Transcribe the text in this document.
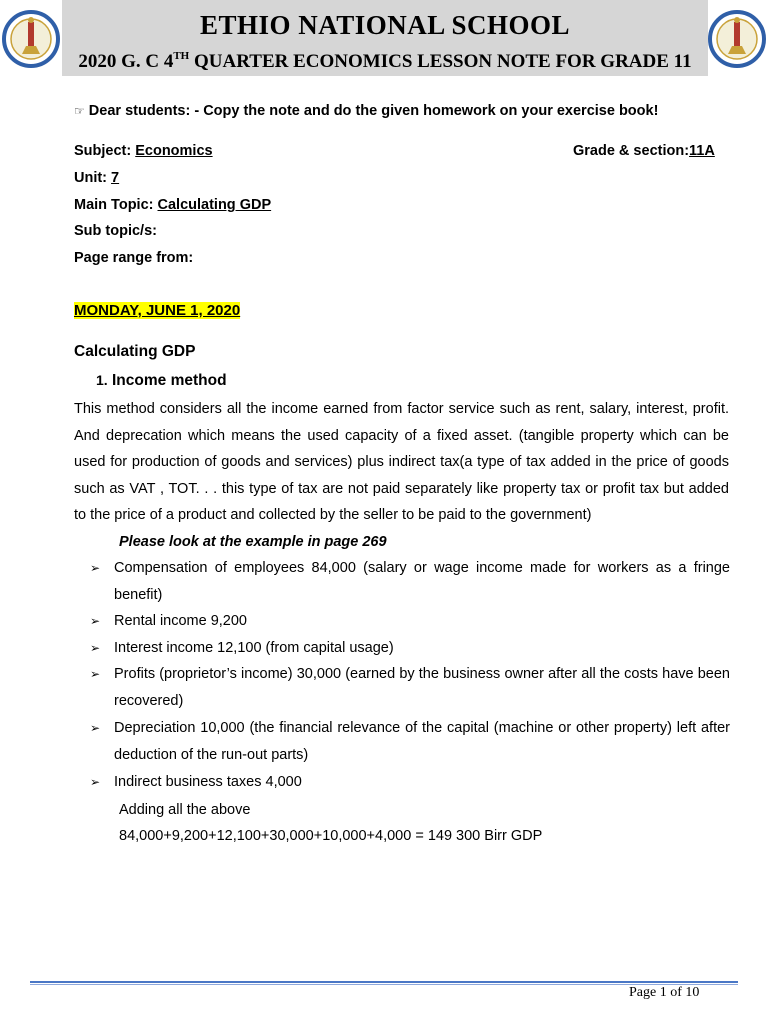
ETHIO NATIONAL SCHOOL
2020 G. C 4TH QUARTER ECONOMICS LESSON NOTE FOR GRADE 11
☞ Dear students: - Copy the note and do the given homework on your exercise book!
Subject: Economics	Grade & section:11A
Unit: 7
Main Topic: Calculating GDP
Sub topic/s:
Page range from:
MONDAY, JUNE 1, 2020
Calculating GDP
1. Income method
This method considers all the income earned from factor service such as rent, salary, interest, profit. And deprecation which means the used capacity of a fixed asset. (tangible property which can be used for production of goods and services) plus indirect tax(a type of tax added in the price of goods such as VAT , TOT. . . this type of tax are not paid separately like property tax or profit tax but added to the price of a product and collected by the seller to be paid to the government)
Please look at the example in page 269
➢ Compensation of employees 84,000 (salary or wage income made for workers as a fringe benefit)
➢ Rental income 9,200
➢ Interest income 12,100 (from capital usage)
➢ Profits (proprietor’s income) 30,000 (earned by the business owner after all the costs have been recovered)
➢ Depreciation 10,000 (the financial relevance of the capital (machine or other property) left after deduction of the run-out parts)
➢ Indirect business taxes 4,000
Adding all the above
84,000+9,200+12,100+30,000+10,000+4,000 = 149 300 Birr GDP
Page 1 of 10
